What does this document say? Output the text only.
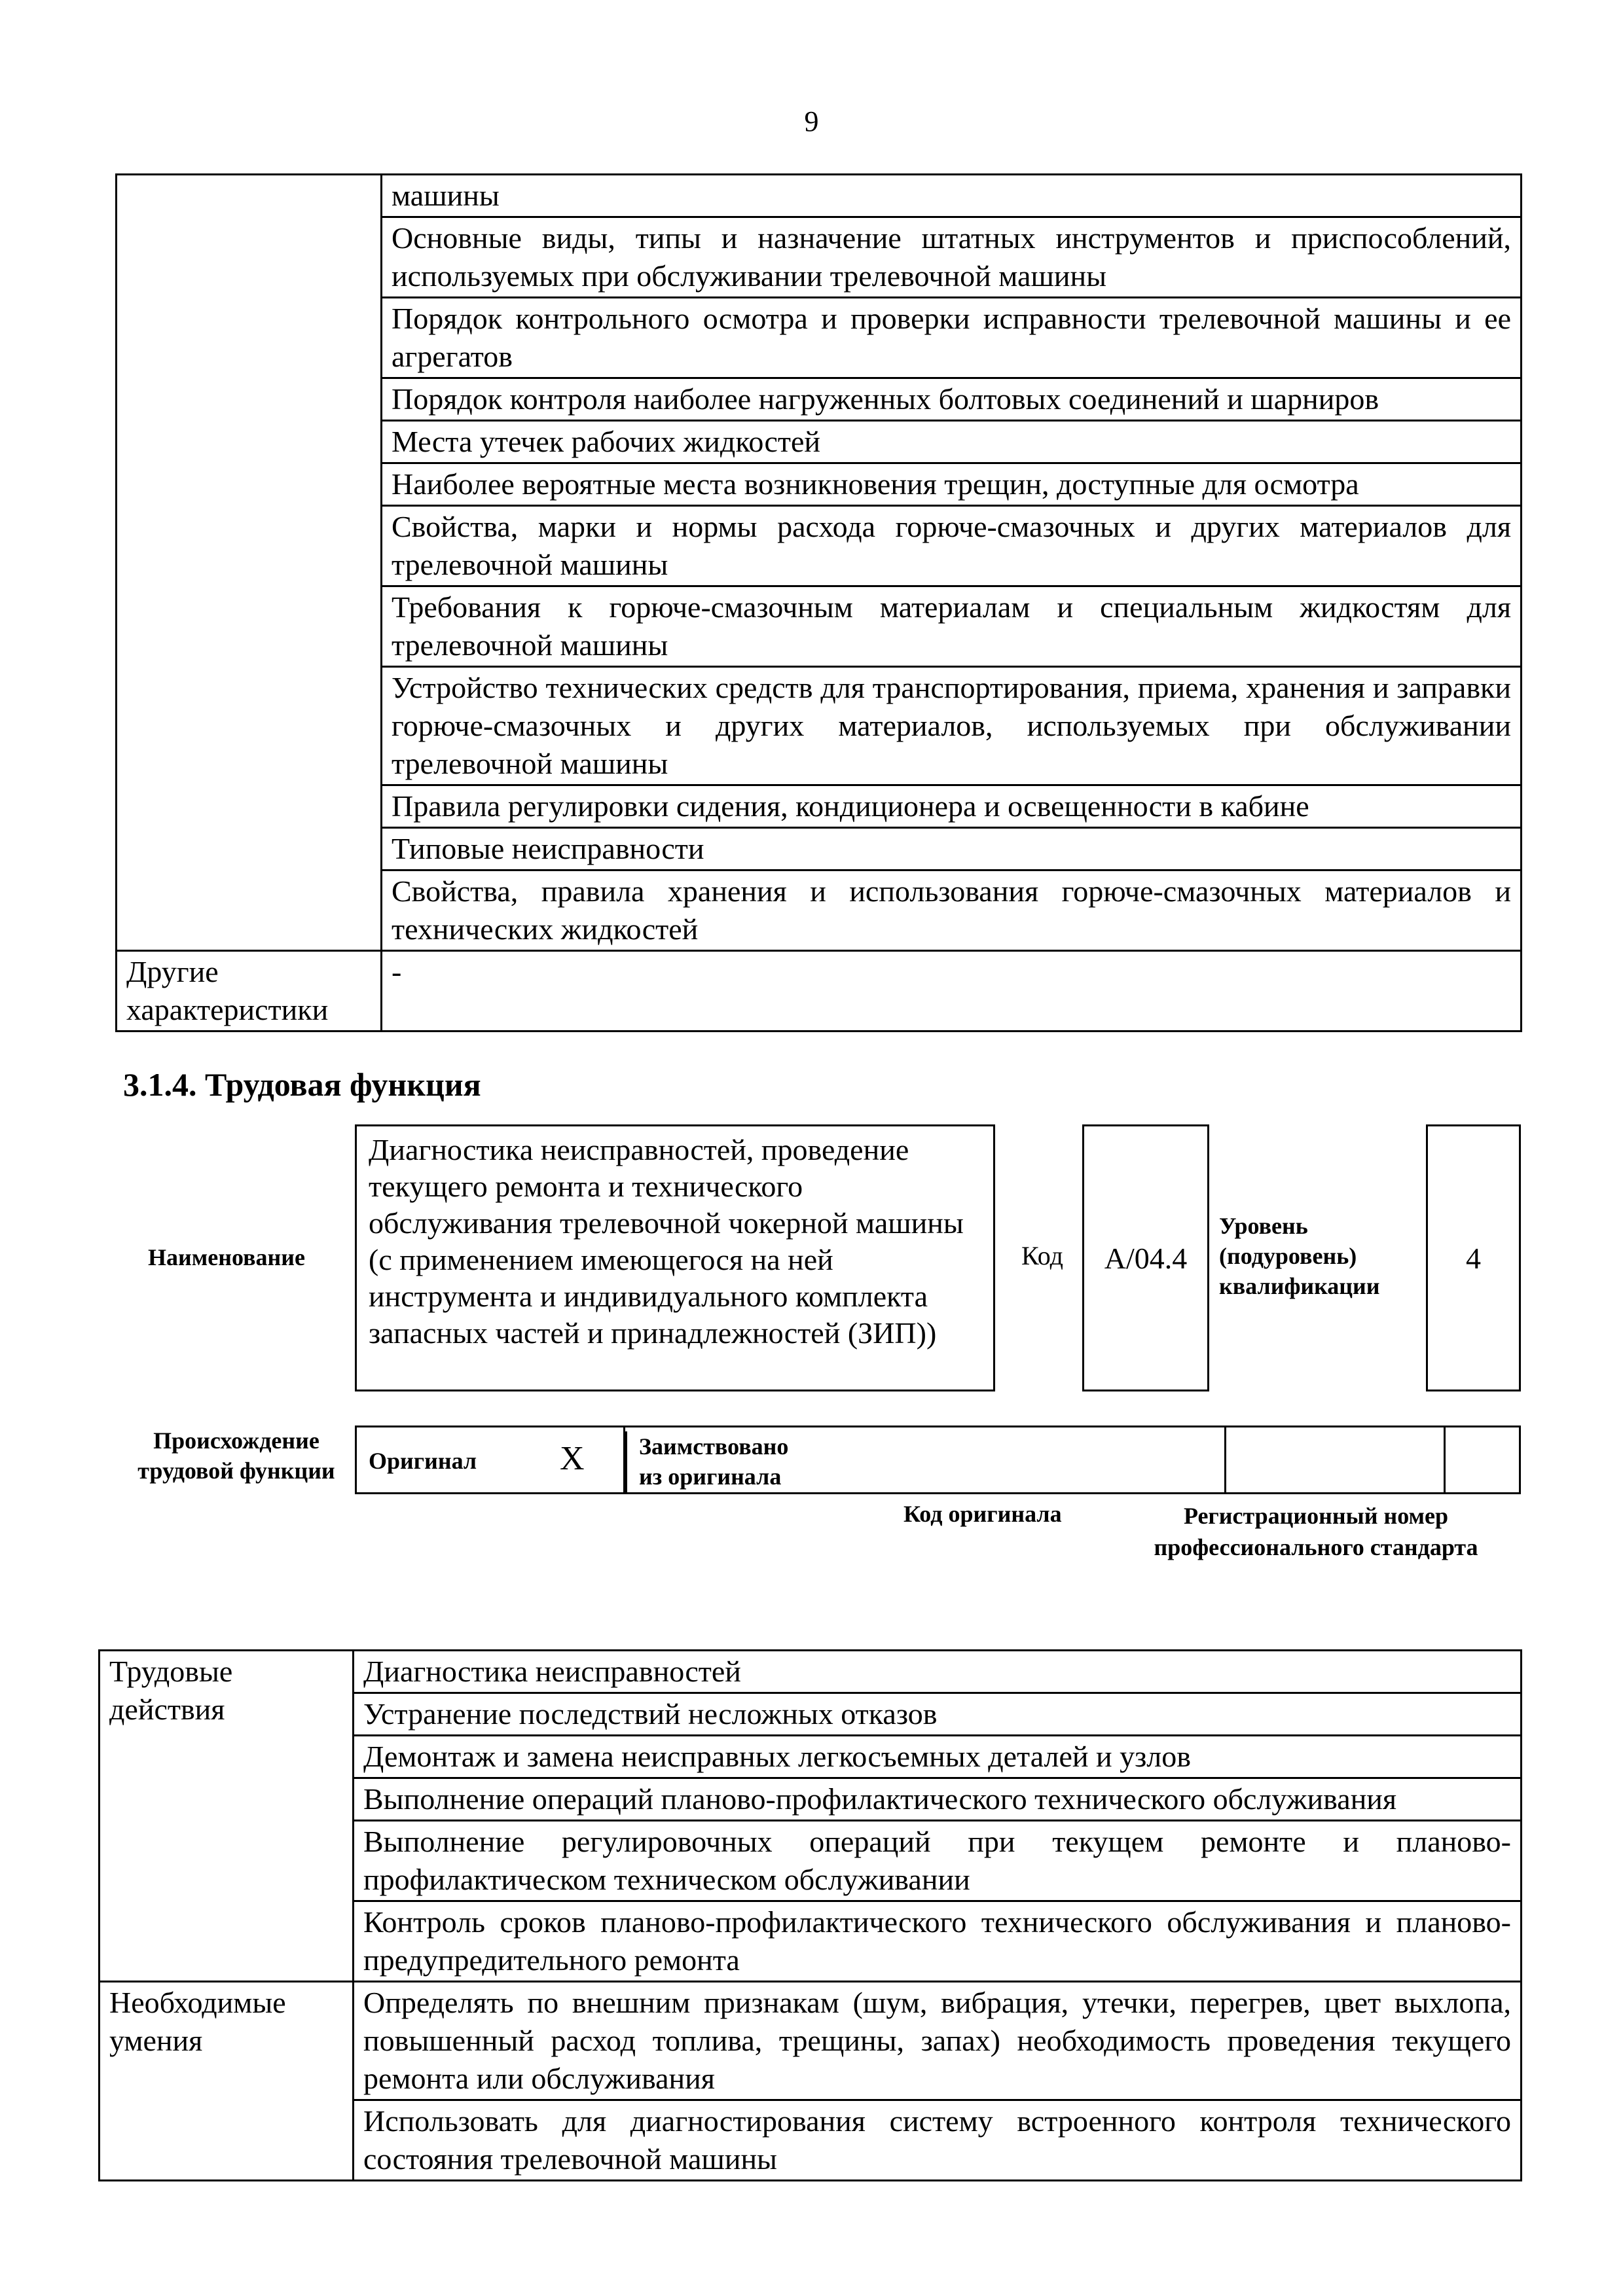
9
	машины
	Основные виды, типы и назначение штатных инструментов и приспособлений, используемых при обслуживании трелевочной машины
	Порядок контрольного осмотра и проверки исправности трелевочной машины и ее агрегатов
	Порядок контроля наиболее нагруженных болтовых соединений и шарниров
	Места утечек рабочих жидкостей
	Наиболее вероятные места возникновения трещин, доступные для осмотра
	Свойства, марки и нормы расхода горюче-смазочных и других материалов для трелевочной машины
	Требования к горюче-смазочным материалам и специальным жидкостям для трелевочной машины
	Устройство технических средств для транспортирования, приема, хранения и заправки горюче-смазочных и других материалов, используемых при обслуживании трелевочной машины
	Правила регулировки сидения, кондиционера и освещенности в кабине
	Типовые неисправности
	Свойства, правила хранения и использования горюче-смазочных материалов и технических жидкостей
Другие характеристики	-
3.1.4. Трудовая функция
Наименование
Диагностика неисправностей, проведение текущего ремонта и технического обслуживания трелевочной чокерной машины (с применением имеющегося на ней инструмента и индивидуального комплекта запасных частей и принадлежностей (ЗИП))
Код	A/04.4
Уровень (подуровень) квалификации
4
Происхождение трудовой функции	Оригинал X	Заимствовано из оригинала
Код оригинала	Регистрационный номер профессионального стандарта
Трудовые действия	Диагностика неисправностей
	Устранение последствий несложных отказов
	Демонтаж и замена неисправных легкосъемных деталей и узлов
	Выполнение операций планово-профилактического технического обслуживания
	Выполнение регулировочных операций при текущем ремонте и планово-профилактическом техническом обслуживании
	Контроль сроков планово-профилактического технического обслуживания и планово-предупредительного ремонта
Необходимые умения	Определять по внешним признакам (шум, вибрация, утечки, перегрев, цвет выхлопа, повышенный расход топлива, трещины, запах) необходимость проведения текущего ремонта или обслуживания
	Использовать для диагностирования систему встроенного контроля технического состояния трелевочной машины
